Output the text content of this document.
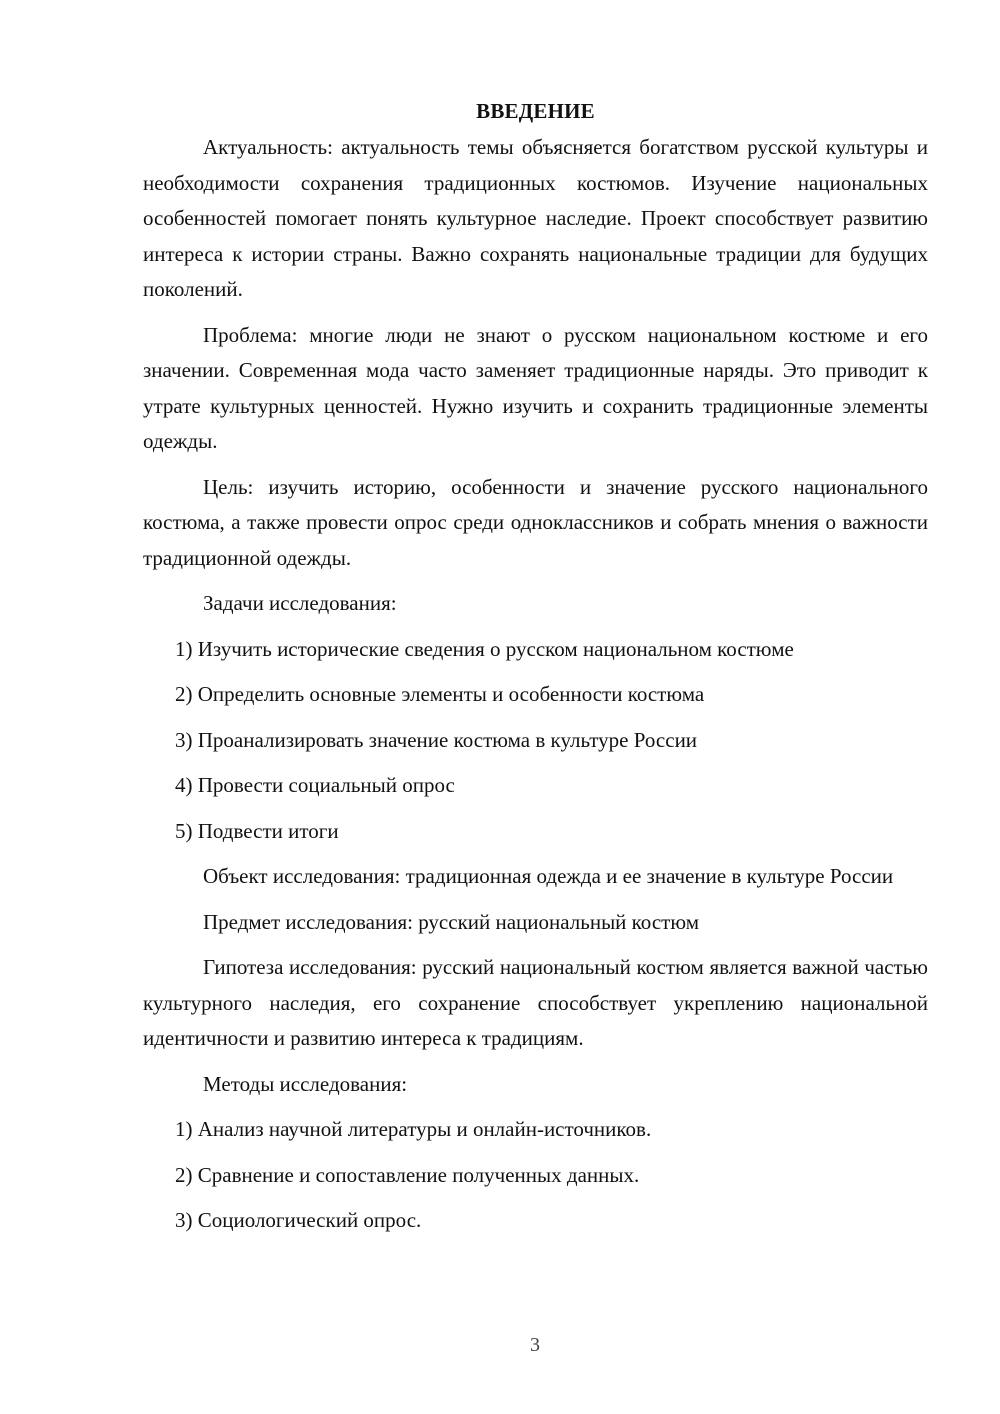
ВВЕДЕНИЕ

Актуальность: актуальность темы объясняется богатством русской культуры и необходимости сохранения традиционных костюмов. Изучение национальных особенностей помогает понять культурное наследие. Проект способствует развитию интереса к истории страны. Важно сохранять национальные традиции для будущих поколений.

Проблема: многие люди не знают о русском национальном костюме и его значении. Современная мода часто заменяет традиционные наряды. Это приводит к утрате культурных ценностей. Нужно изучить и сохранить традиционные элементы одежды.

Цель: изучить историю, особенности и значение русского национального костюма, а также провести опрос среди одноклассников и собрать мнения о важности традиционной одежды.

Задачи исследования:

1) Изучить исторические сведения о русском национальном костюме
2) Определить основные элементы и особенности костюма
3) Проанализировать значение костюма в культуре России
4) Провести социальный опрос
5) Подвести итоги

Объект исследования: традиционная одежда и ее значение в культуре России

Предмет исследования: русский национальный костюм

Гипотеза исследования: русский национальный костюм является важной частью культурного наследия, его сохранение способствует укреплению национальной идентичности и развитию интереса к традициям.

Методы исследования:

1) Анализ научной литературы и онлайн-источников.
2) Сравнение и сопоставление полученных данных.
3) Социологический опрос.
3
